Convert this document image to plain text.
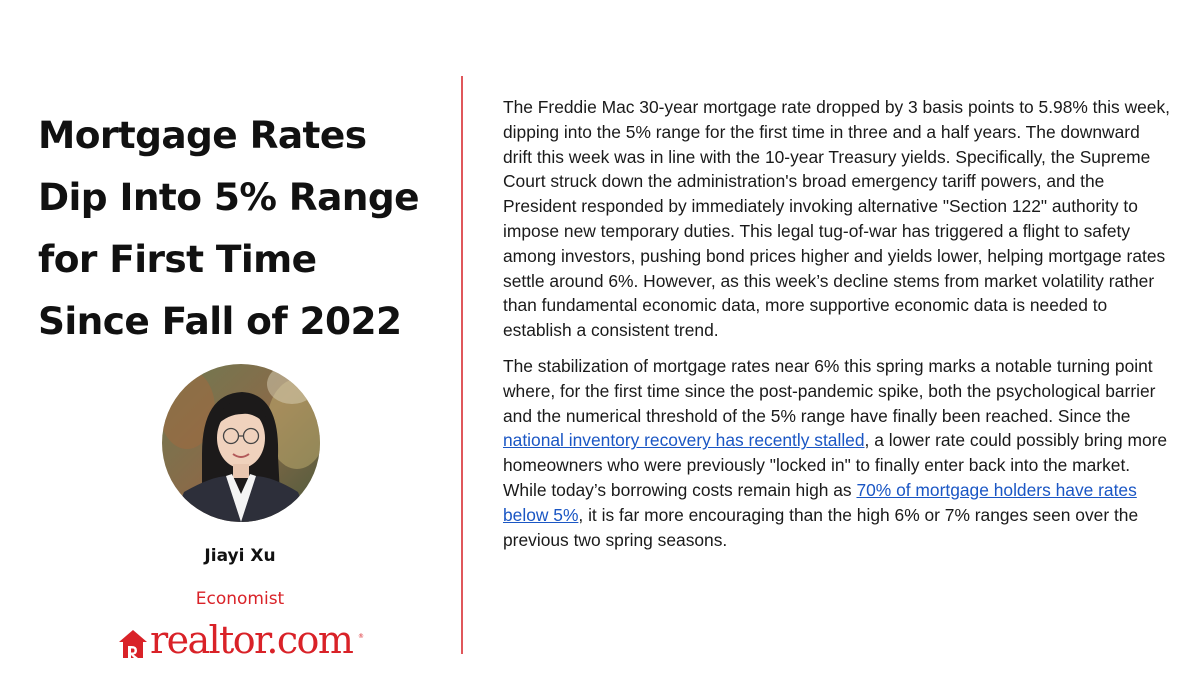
Mortgage Rates
Dip Into 5% Range
for First Time
Since Fall of 2022
Jiayi Xu
Economist
realtor.com ®

The Freddie Mac 30-year mortgage rate dropped by 3 basis points to 5.98% this week, dipping into the 5% range for the first time in three and a half years. The downward drift this week was in line with the 10-year Treasury yields. Specifically, the Supreme Court struck down the administration's broad emergency tariff powers, and the President responded by immediately invoking alternative "Section 122" authority to impose new temporary duties. This legal tug-of-war has triggered a flight to safety among investors, pushing bond prices higher and yields lower, helping mortgage rates settle around 6%. However, as this week’s decline stems from market volatility rather than fundamental economic data, more supportive economic data is needed to establish a consistent trend.

The stabilization of mortgage rates near 6% this spring marks a notable turning point where, for the first time since the post-pandemic spike, both the psychological barrier and the numerical threshold of the 5% range have finally been reached. Since the national inventory recovery has recently stalled, a lower rate could possibly bring more homeowners who were previously "locked in" to finally enter back into the market. While today’s borrowing costs remain high as 70% of mortgage holders have rates below 5%, it is far more encouraging than the high 6% or 7% ranges seen over the previous two spring seasons.
